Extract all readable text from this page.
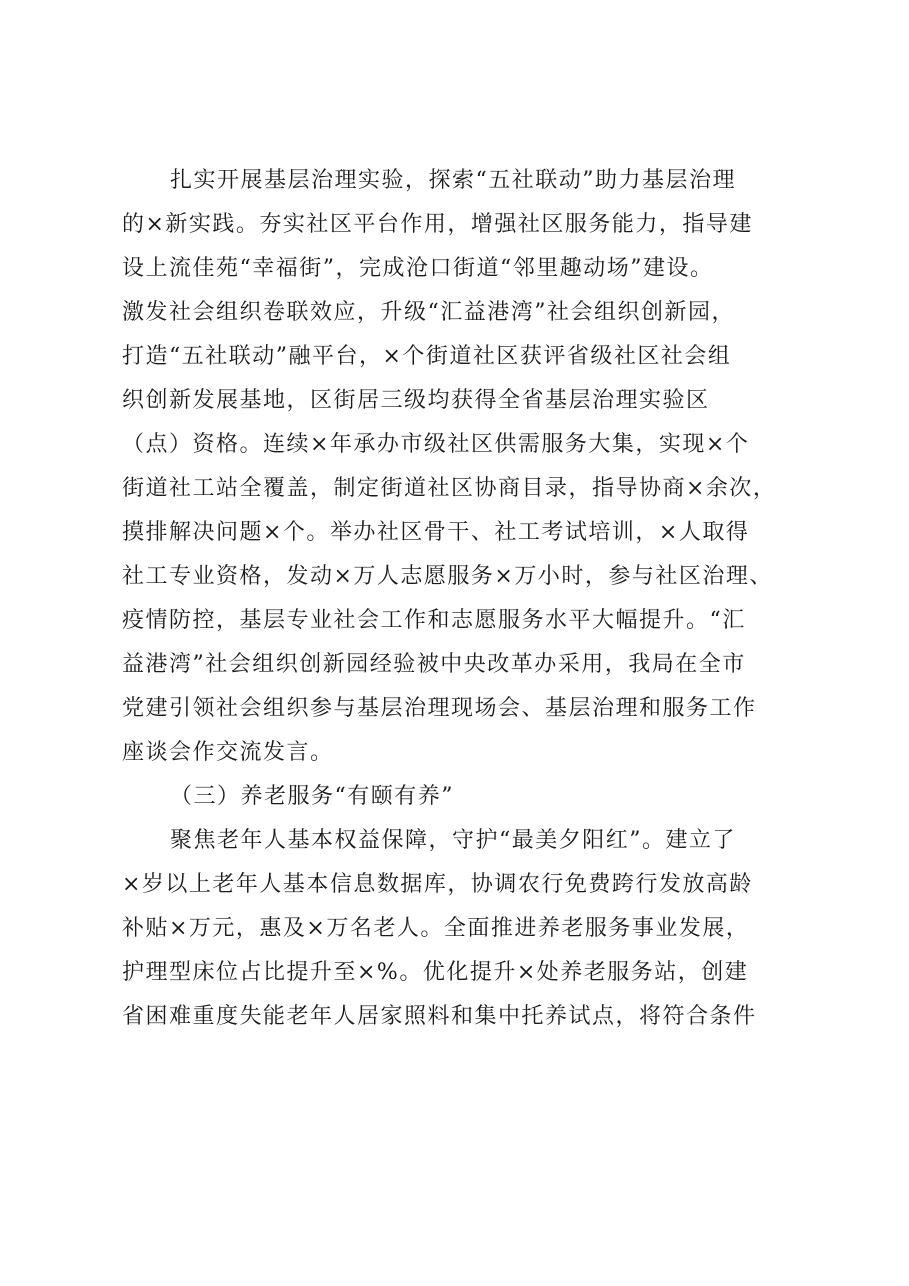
扎实开展基层治理实验，探索“五社联动”助力基层治理
的×新实践。夯实社区平台作用，增强社区服务能力，指导建
设上流佳苑“幸福街”，完成沧口街道“邻里趣动场”建设。
激发社会组织卷联效应，升级“汇益港湾”社会组织创新园，
打造“五社联动”融平台，×个街道社区获评省级社区社会组
织创新发展基地，区街居三级均获得全省基层治理实验区
（点）资格。连续×年承办市级社区供需服务大集，实现×个
街道社工站全覆盖，制定街道社区协商目录，指导协商×余次，
摸排解决问题×个。举办社区骨干、社工考试培训，×人取得
社工专业资格，发动×万人志愿服务×万小时，参与社区治理、
疫情防控，基层专业社会工作和志愿服务水平大幅提升。“汇
益港湾”社会组织创新园经验被中央改革办采用，我局在全市
党建引领社会组织参与基层治理现场会、基层治理和服务工作
座谈会作交流发言。
（三）养老服务“有颐有养”
聚焦老年人基本权益保障，守护“最美夕阳红”。建立了
×岁以上老年人基本信息数据库，协调农行免费跨行发放高龄
补贴×万元，惠及×万名老人。全面推进养老服务事业发展，
护理型床位占比提升至×%。优化提升×处养老服务站，创建
省困难重度失能老年人居家照料和集中托养试点，将符合条件
